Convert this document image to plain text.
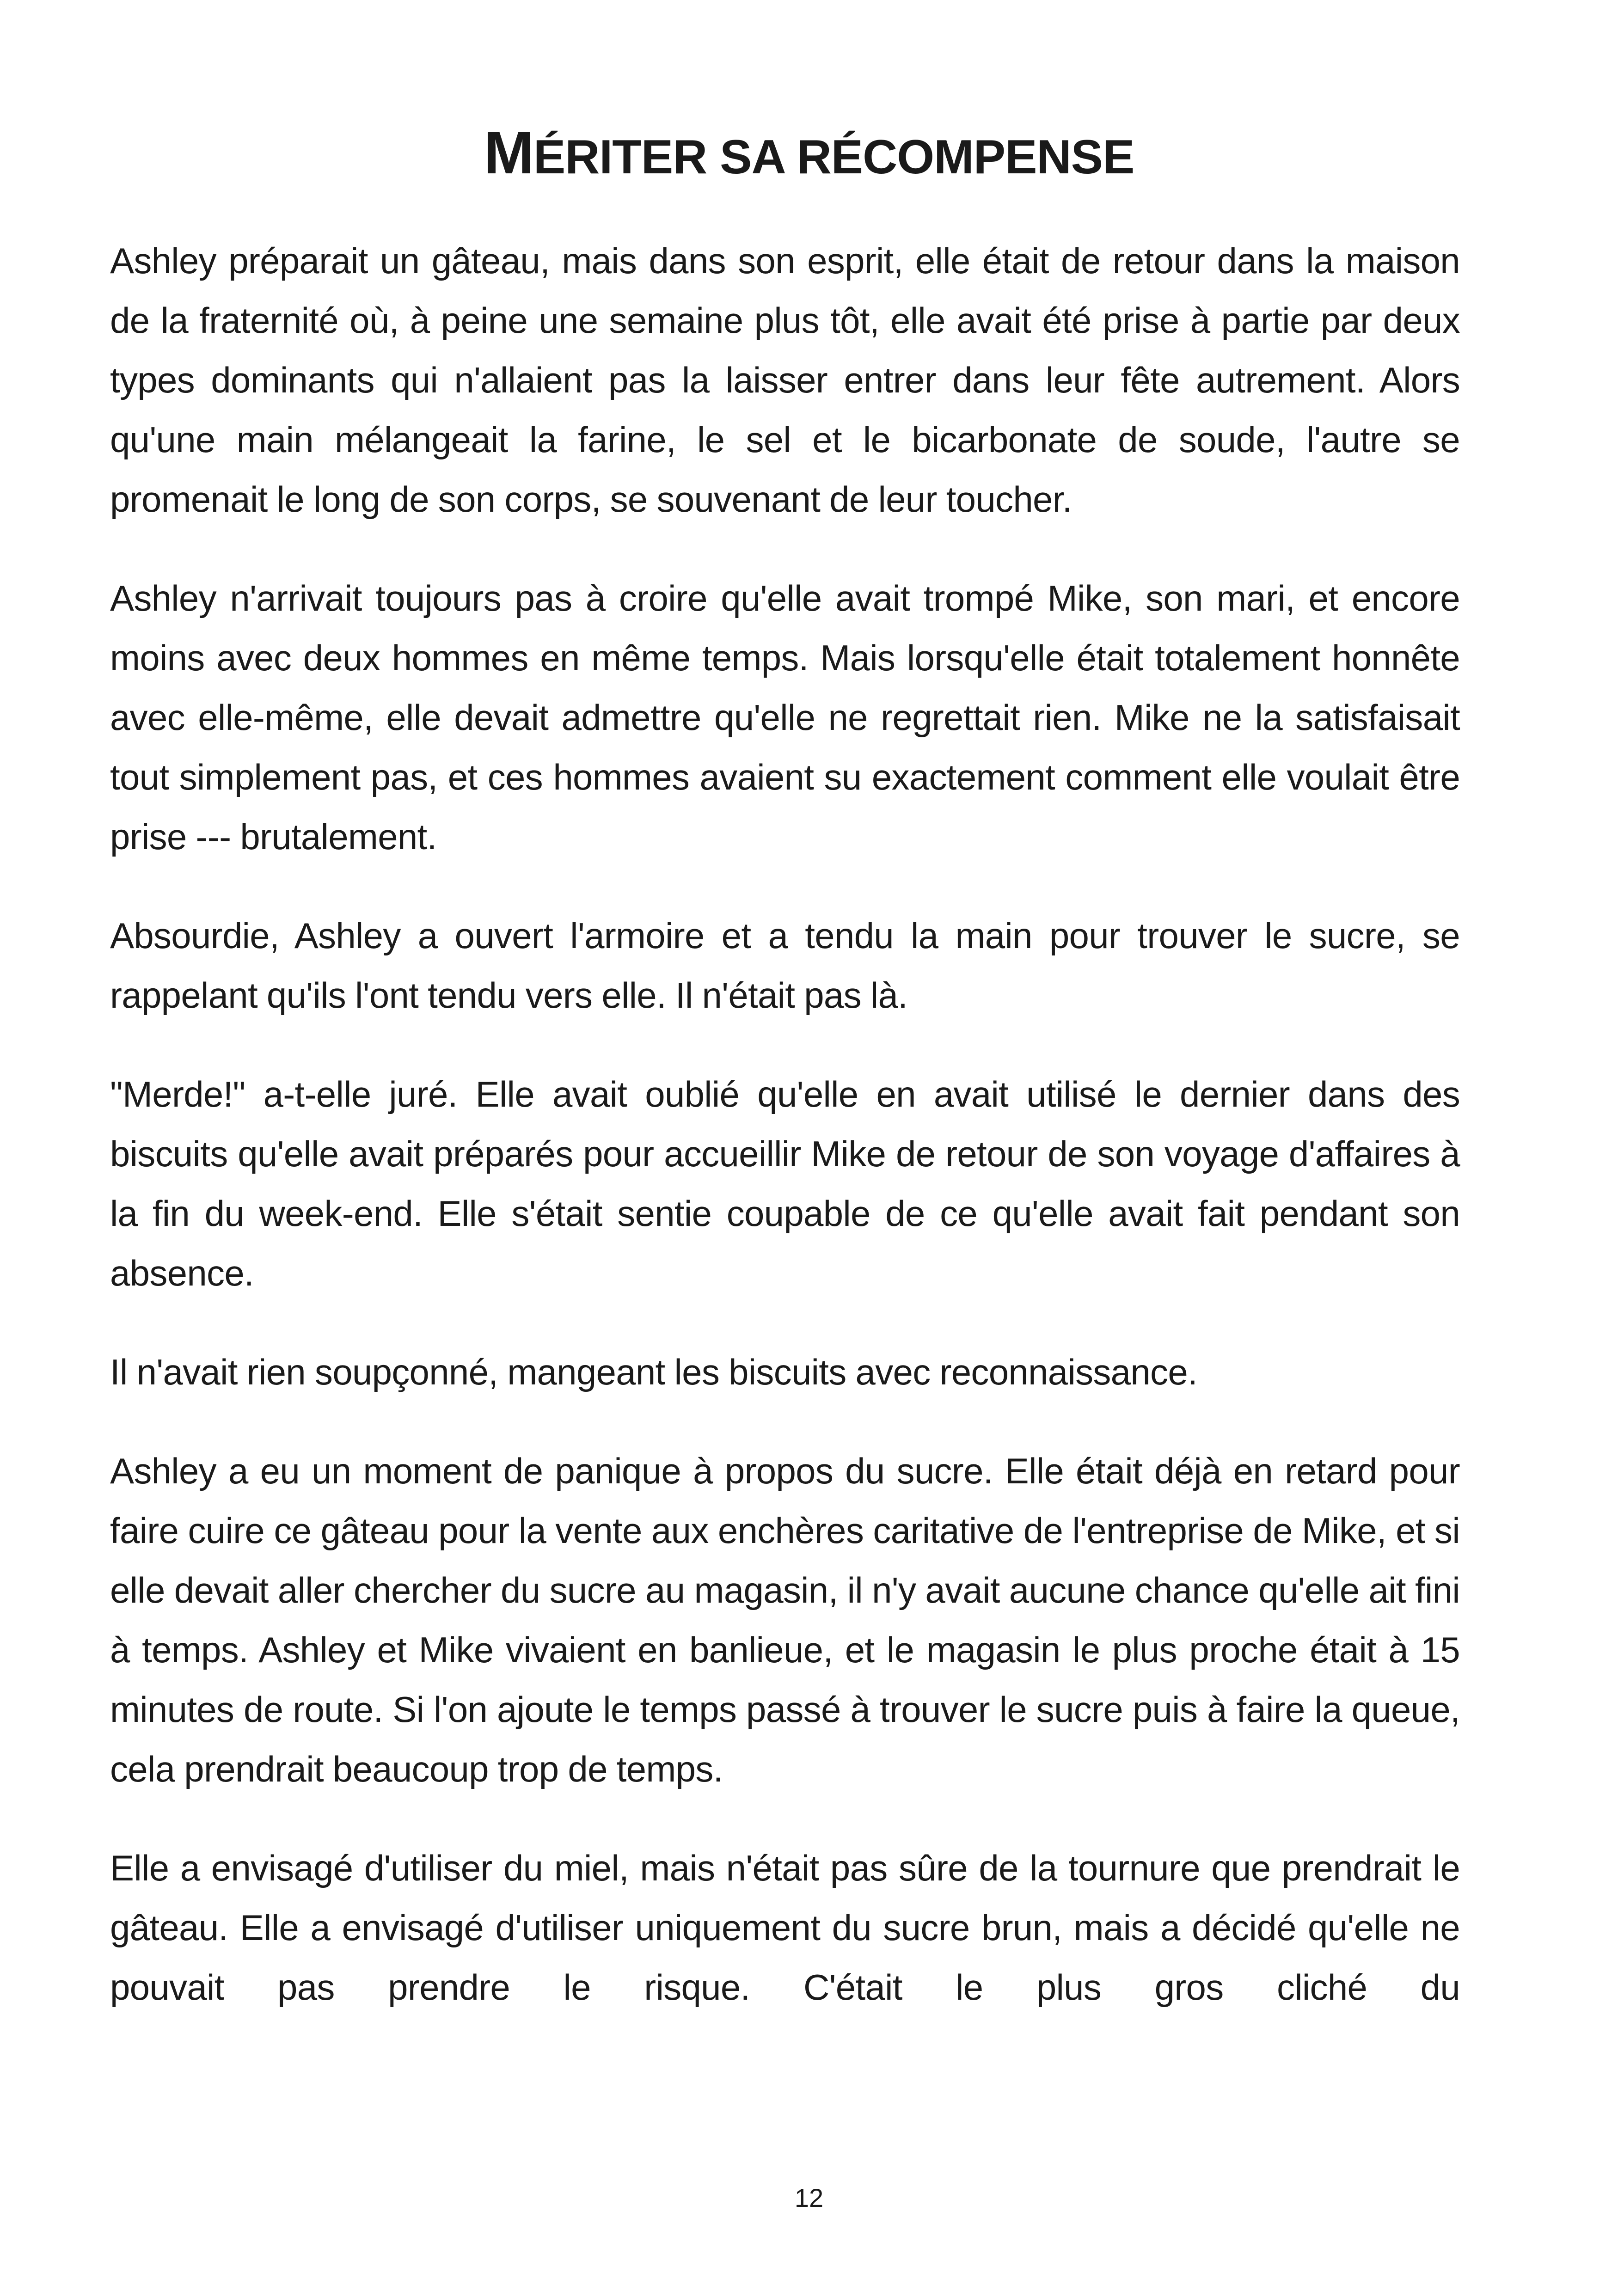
MÉRITER SA RÉCOMPENSE

Ashley préparait un gâteau, mais dans son esprit, elle était de retour dans la maison de la fraternité où, à peine une semaine plus tôt, elle avait été prise à partie par deux types dominants qui n'allaient pas la laisser entrer dans leur fête autrement. Alors qu'une main mélangeait la farine, le sel et le bicarbonate de soude, l'autre se promenait le long de son corps, se souvenant de leur toucher.

Ashley n'arrivait toujours pas à croire qu'elle avait trompé Mike, son mari, et encore moins avec deux hommes en même temps. Mais lorsqu'elle était totalement honnête avec elle-même, elle devait admettre qu'elle ne regrettait rien. Mike ne la satisfaisait tout simplement pas, et ces hommes avaient su exactement comment elle voulait être prise --- brutalement.

Absourdie, Ashley a ouvert l'armoire et a tendu la main pour trouver le sucre, se rappelant qu'ils l'ont tendu vers elle. Il n'était pas là.

"Merde!" a-t-elle juré. Elle avait oublié qu'elle en avait utilisé le dernier dans des biscuits qu'elle avait préparés pour accueillir Mike de retour de son voyage d'affaires à la fin du week-end. Elle s'était sentie coupable de ce qu'elle avait fait pendant son absence.

Il n'avait rien soupçonné, mangeant les biscuits avec reconnaissance.

Ashley a eu un moment de panique à propos du sucre. Elle était déjà en retard pour faire cuire ce gâteau pour la vente aux enchères caritative de l'entreprise de Mike, et si elle devait aller chercher du sucre au magasin, il n'y avait aucune chance qu'elle ait fini à temps. Ashley et Mike vivaient en banlieue, et le magasin le plus proche était à 15 minutes de route. Si l'on ajoute le temps passé à trouver le sucre puis à faire la queue, cela prendrait beaucoup trop de temps.

Elle a envisagé d'utiliser du miel, mais n'était pas sûre de la tournure que prendrait le gâteau. Elle a envisagé d'utiliser uniquement du sucre brun, mais a décidé qu'elle ne pouvait pas prendre le risque. C'était le plus gros cliché du

12
